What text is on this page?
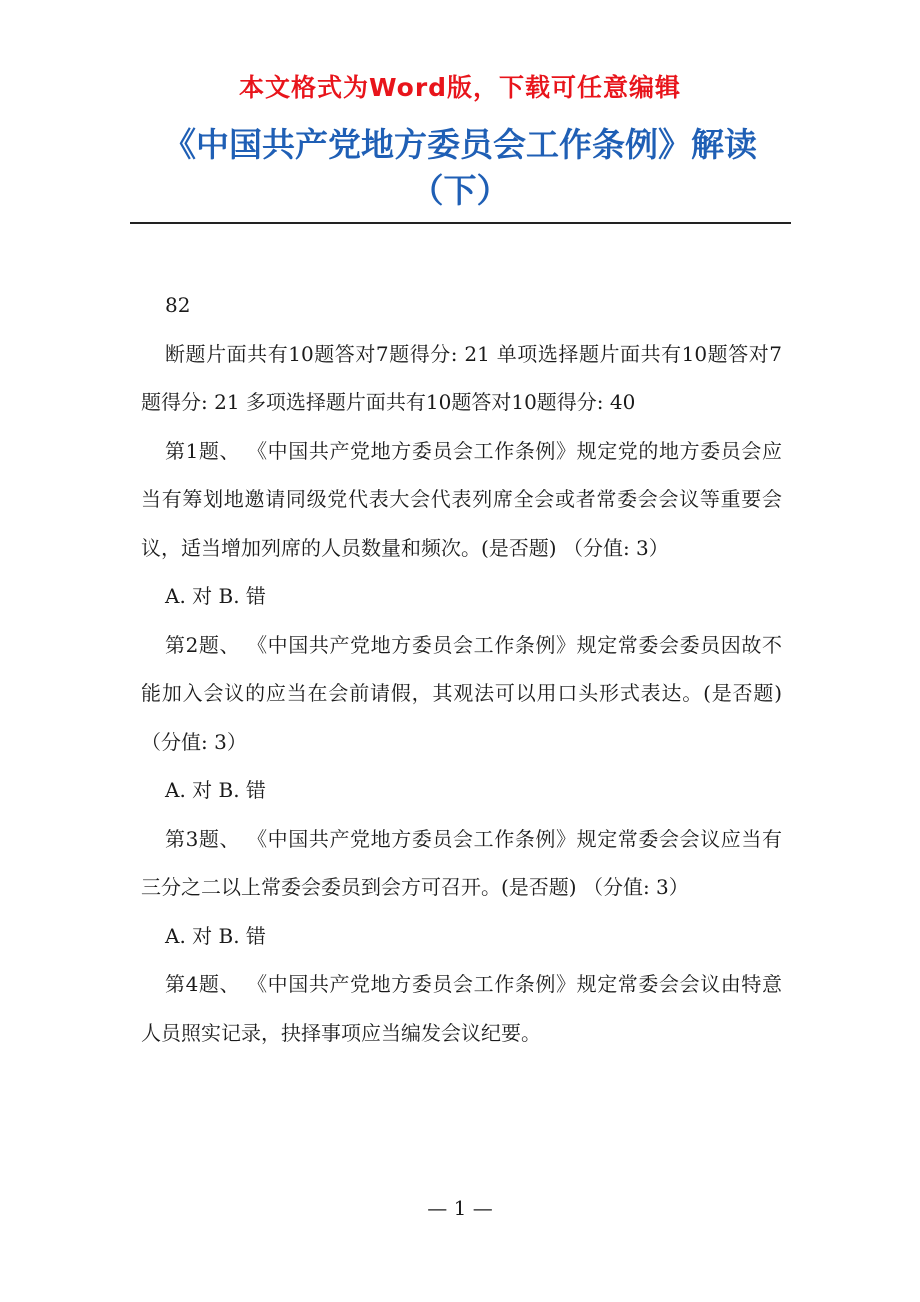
本文格式为Word版，下载可任意编辑
《中国共产党地方委员会工作条例》解读
（下）

82

断题片面共有10题答对7题得分: 21 单项选择题片面共有10题答对7题得分: 21 多项选择题片面共有10题答对10题得分: 40

第1题、 《中国共产党地方委员会工作条例》规定党的地方委员会应当有筹划地邀请同级党代表大会代表列席全会或者常委会会议等重要会议，适当增加列席的人员数量和频次。(是否题) （分值: 3）

A. 对 B. 错

第2题、 《中国共产党地方委员会工作条例》规定常委会委员因故不能加入会议的应当在会前请假，其观法可以用口头形式表达。(是否题) （分值: 3）

A. 对 B. 错

第3题、 《中国共产党地方委员会工作条例》规定常委会会议应当有三分之二以上常委会委员到会方可召开。(是否题) （分值: 3）

A. 对 B. 错

第4题、 《中国共产党地方委员会工作条例》规定常委会会议由特意人员照实记录，抉择事项应当编发会议纪要。

— 1 —
